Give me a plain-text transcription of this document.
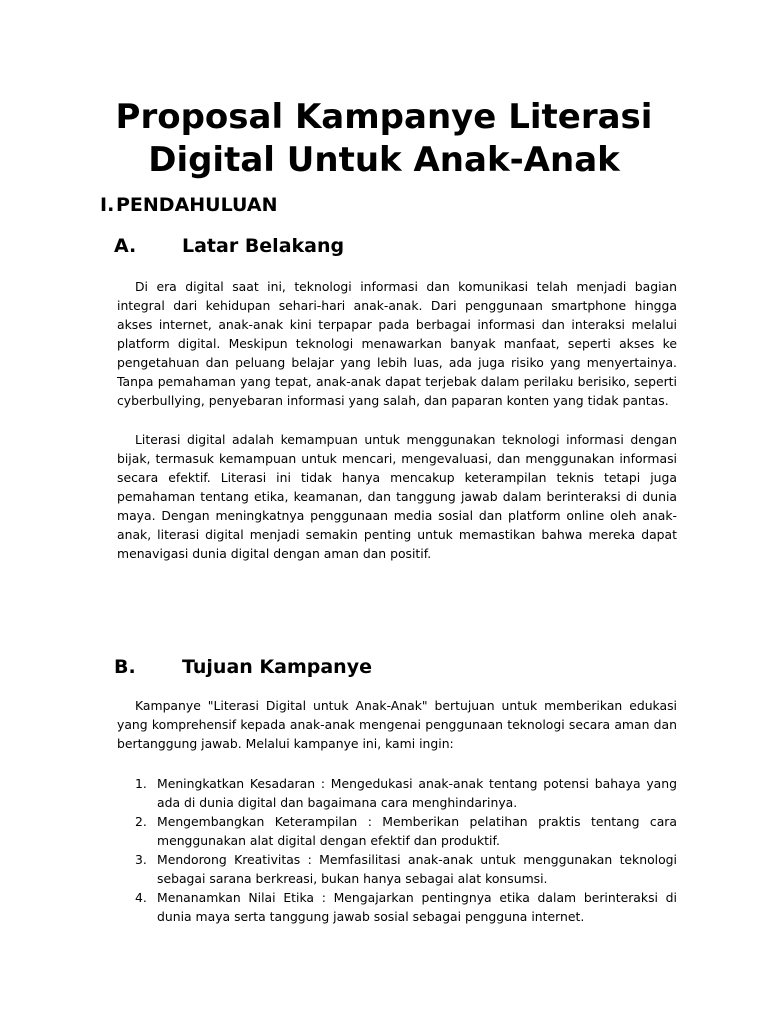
Proposal Kampanye Literasi
Digital Untuk Anak-Anak
I.PENDAHULUAN
A. Latar Belakang

Di era digital saat ini, teknologi informasi dan komunikasi telah menjadi bagian integral dari kehidupan sehari-hari anak-anak. Dari penggunaan smartphone hingga akses internet, anak-anak kini terpapar pada berbagai informasi dan interaksi melalui platform digital. Meskipun teknologi menawarkan banyak manfaat, seperti akses ke pengetahuan dan peluang belajar yang lebih luas, ada juga risiko yang menyertainya. Tanpa pemahaman yang tepat, anak-anak dapat terjebak dalam perilaku berisiko, seperti cyberbullying, penyebaran informasi yang salah, dan paparan konten yang tidak pantas.

Literasi digital adalah kemampuan untuk menggunakan teknologi informasi dengan bijak, termasuk kemampuan untuk mencari, mengevaluasi, dan menggunakan informasi secara efektif. Literasi ini tidak hanya mencakup keterampilan teknis tetapi juga pemahaman tentang etika, keamanan, dan tanggung jawab dalam berinteraksi di dunia maya. Dengan meningkatnya penggunaan media sosial dan platform online oleh anak-anak, literasi digital menjadi semakin penting untuk memastikan bahwa mereka dapat menavigasi dunia digital dengan aman dan positif.

B. Tujuan Kampanye

Kampanye "Literasi Digital untuk Anak-Anak" bertujuan untuk memberikan edukasi yang komprehensif kepada anak-anak mengenai penggunaan teknologi secara aman dan bertanggung jawab. Melalui kampanye ini, kami ingin:

1. Meningkatkan Kesadaran : Mengedukasi anak-anak tentang potensi bahaya yang ada di dunia digital dan bagaimana cara menghindarinya.
2. Mengembangkan Keterampilan : Memberikan pelatihan praktis tentang cara menggunakan alat digital dengan efektif dan produktif.
3. Mendorong Kreativitas : Memfasilitasi anak-anak untuk menggunakan teknologi sebagai sarana berkreasi, bukan hanya sebagai alat konsumsi.
4. Menanamkan Nilai Etika : Mengajarkan pentingnya etika dalam berinteraksi di dunia maya serta tanggung jawab sosial sebagai pengguna internet.
